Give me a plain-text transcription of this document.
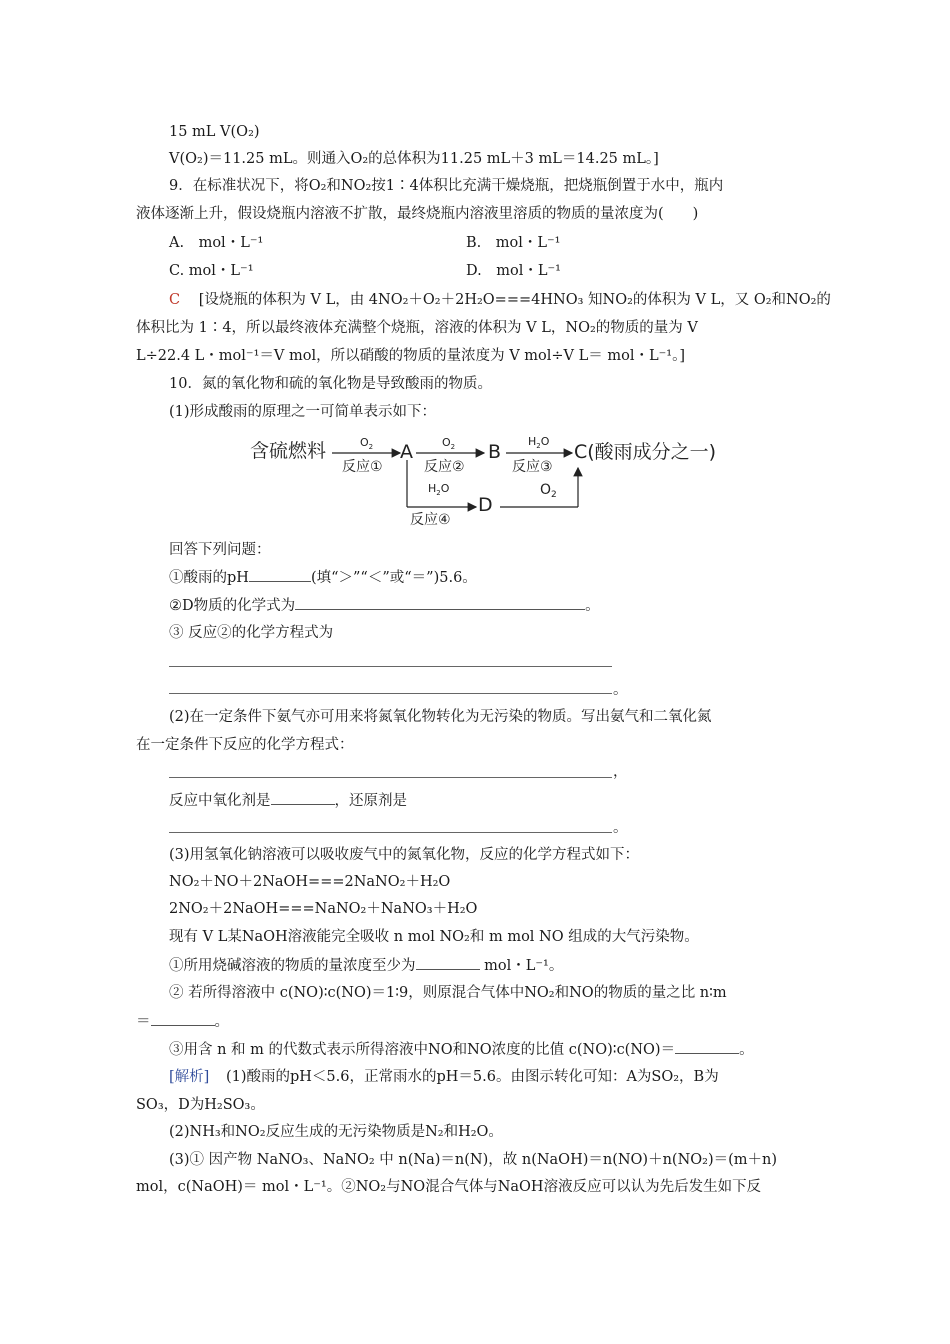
15 mL V(O₂)
V(O₂)＝11.25 mL。则通入O₂的总体积为11.25 mL＋3 mL＝14.25 mL。]
9．在标准状况下，将O₂和NO₂按1∶4体积比充满干燥烧瓶，把烧瓶倒置于水中，瓶内
液体逐渐上升，假设烧瓶内溶液不扩散，最终烧瓶内溶液里溶质的物质的量浓度为(　　)
A.　mol・L⁻¹	B.　mol・L⁻¹
C. mol・L⁻¹	D.　mol・L⁻¹
C [设烧瓶的体积为 V L，由 4NO₂＋O₂＋2H₂O===4HNO₃ 知NO₂的体积为 V L，又 O₂和NO₂的
体积比为 1∶4，所以最终液体充满整个烧瓶，溶液的体积为 V L，NO₂的物质的量为 V
L÷22.4 L・mol⁻¹＝V mol，所以硝酸的物质的量浓度为 V mol÷V L＝ mol・L⁻¹。]
10．氮的氧化物和硫的氧化物是导致酸雨的物质。
(1)形成酸雨的原理之一可简单表示如下：
含硫燃料	$O_2$
反应①
A	$O_2$
反应②
B $H_2O$
反应③
C(酸雨成分之一)
$H_2O$
反应④
D
$O_2$
回答下列问题：
①酸雨的pH	(填“＞”“＜”或“＝”)5.6。
②D物质的化学式为	。
③ 反应②的化学方程式为
。
(2)在一定条件下氨气亦可用来将氮氧化物转化为无污染的物质。写出氨气和二氧化氮
在一定条件下反应的化学方程式：
，
反应中氧化剂是	，还原剂是
。
(3)用氢氧化钠溶液可以吸收废气中的氮氧化物，反应的化学方程式如下：
NO₂＋NO＋2NaOH===2NaNO₂＋H₂O
2NO₂＋2NaOH===NaNO₂＋NaNO₃＋H₂O
现有 V L某NaOH溶液能完全吸收 n mol NO₂和 m mol NO 组成的大气污染物。
①所用烧碱溶液的物质的量浓度至少为	mol・L⁻¹。
② 若所得溶液中 c(NO)∶c(NO)＝1∶9，则原混合气体中NO₂和NO的物质的量之比 n∶m
＝	。
③用含 n 和 m 的代数式表示所得溶液中NO和NO浓度的比值 c(NO)∶c(NO)＝	。
[解析] (1)酸雨的pH＜5.6，正常雨水的pH＝5.6。由图示转化可知：A为SO₂，B为
SO₃，D为H₂SO₃。
(2)NH₃和NO₂反应生成的无污染物质是N₂和H₂O。
(3)① 因产物 NaNO₃、NaNO₂ 中 n(Na)＝n(N)，故 n(NaOH)＝n(NO)＋n(NO₂)＝(m＋n)
mol，c(NaOH)＝ mol・L⁻¹。②NO₂与NO混合气体与NaOH溶液反应可以认为先后发生如下反
